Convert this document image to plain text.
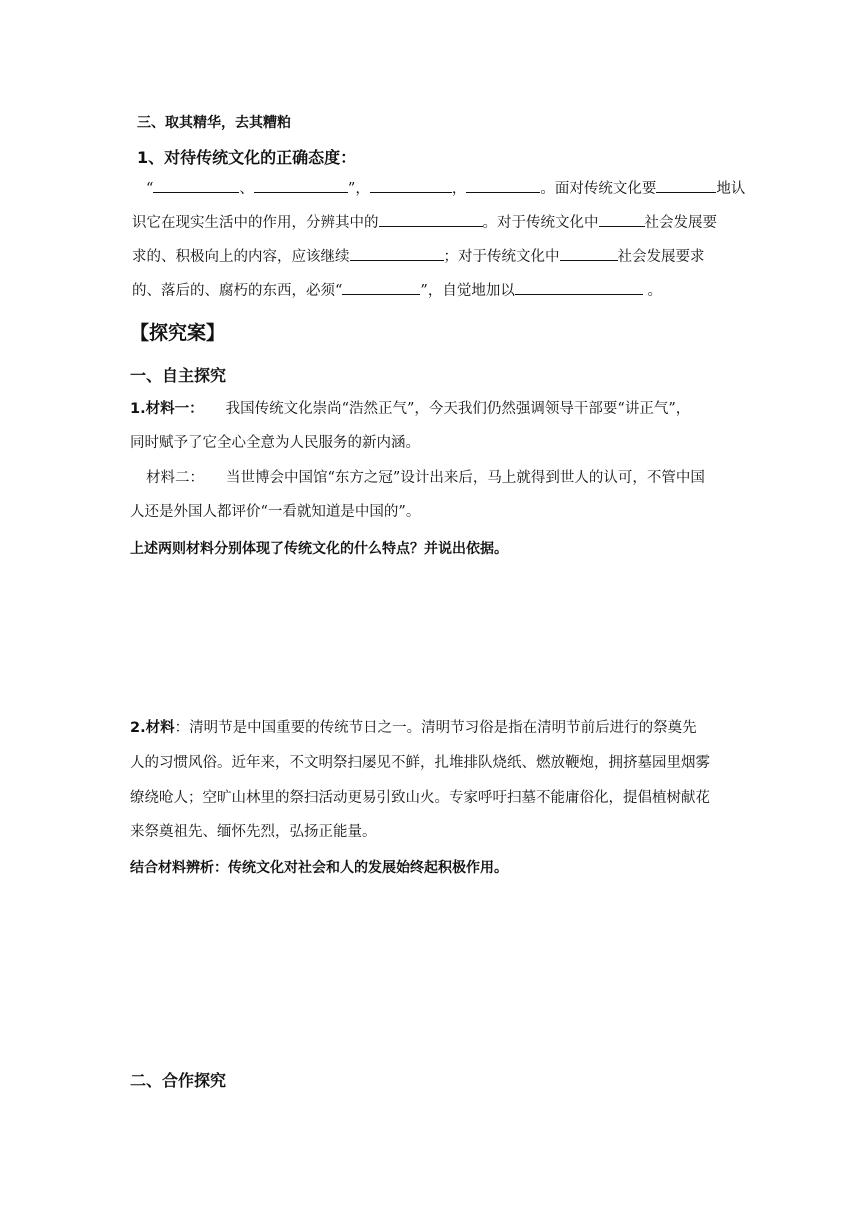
三、取其精华，去其糟粕
1、对待传统文化的正确态度：
“	、	”，	，	。面对传统文化要	地认
识它在现实生活中的作用，分辨其中的	。对于传统文化中	社会发展要
求的、积极向上的内容，应该继续	；对于传统文化中	社会发展要求
的、落后的、腐朽的东西，必须“	”，自觉地加以	。
【探究案】
一、自主探究
1.材料一： 我国传统文化崇尚“浩然正气”，今天我们仍然强调领导干部要“讲正气”，
同时赋予了它全心全意为人民服务的新内涵。
材料二： 当世博会中国馆“东方之冠”设计出来后，马上就得到世人的认可，不管中国
人还是外国人都评价“一看就知道是中国的”。
上述两则材料分别体现了传统文化的什么特点？并说出依据。
2.材料：清明节是中国重要的传统节日之一。清明节习俗是指在清明节前后进行的祭奠先
人的习惯风俗。近年来，不文明祭扫屡见不鲜，扎堆排队烧纸、燃放鞭炮，拥挤墓园里烟雾
缭绕呛人；空旷山林里的祭扫活动更易引致山火。专家呼吁扫墓不能庸俗化，提倡植树献花
来祭奠祖先、缅怀先烈，弘扬正能量。
结合材料辨析：传统文化对社会和人的发展始终起积极作用。
二、合作探究
